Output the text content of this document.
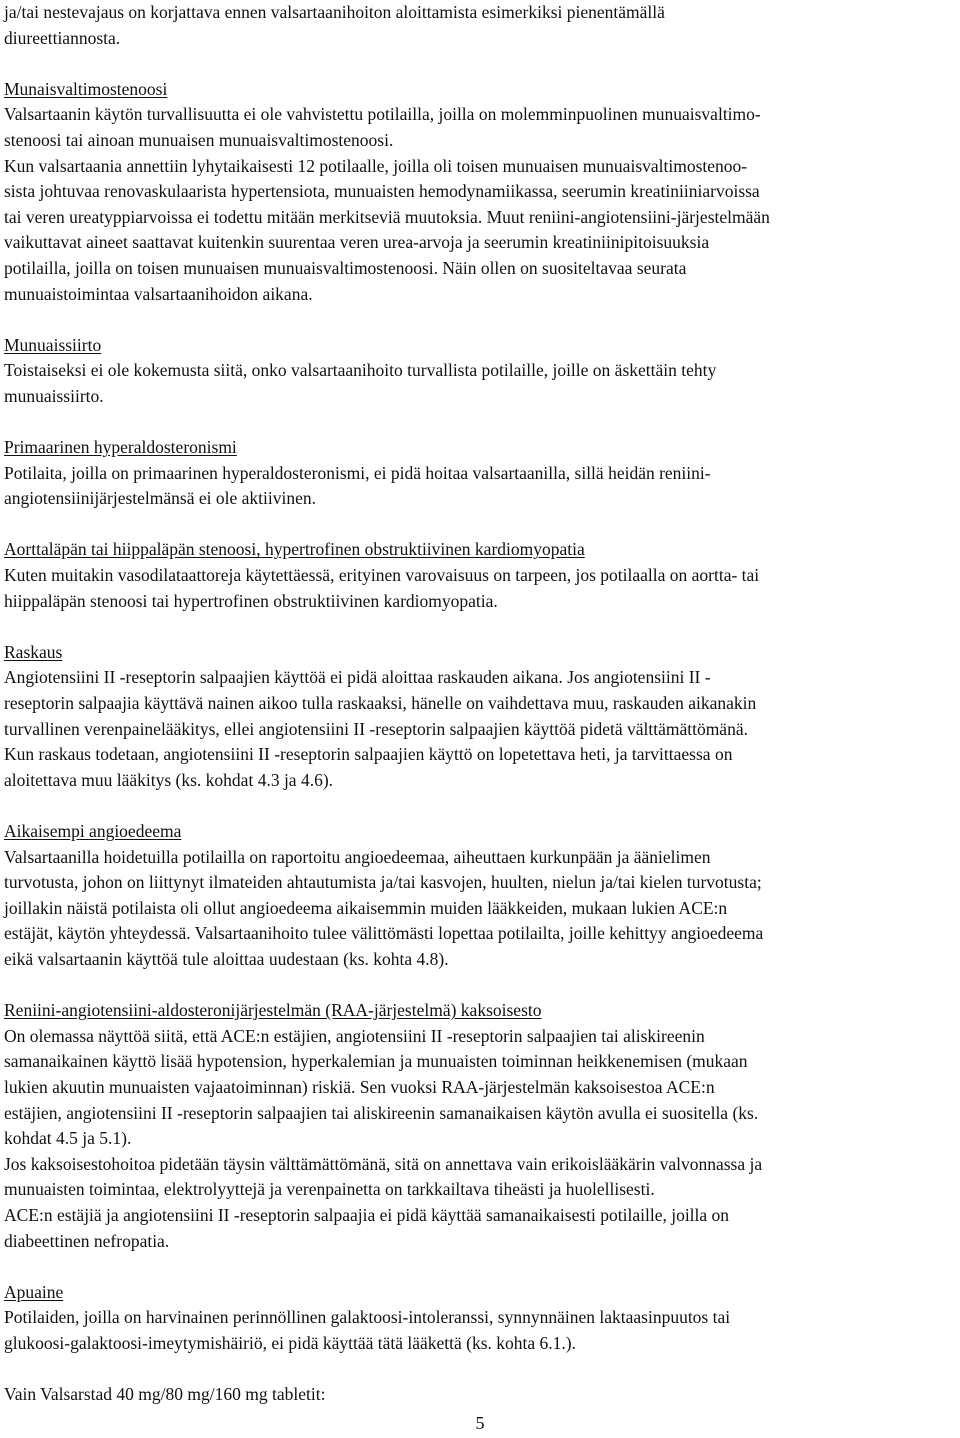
ja/tai nestevajaus on korjattava ennen valsartaanihoiton aloittamista esimerkiksi pienentämällä

diureettiannosta.

Munaisvaltimostenoosi

Valsartaanin käytön turvallisuutta ei ole vahvistettu potilailla, joilla on molemminpuolinen munuaisvaltimo-

stenoosi tai ainoan munuaisen munuaisvaltimostenoosi.

Kun valsartaania annettiin lyhytaikaisesti 12 potilaalle, joilla oli toisen munuaisen munuaisvaltimostenoo-

sista johtuvaa renovaskulaarista hypertensiota, munuaisten hemodynamiikassa, seerumin kreatiniiniarvoissa

tai veren ureatyppiarvoissa ei todettu mitään merkitseviä muutoksia. Muut reniini-angiotensiini-järjestelmään

vaikuttavat aineet saattavat kuitenkin suurentaa veren urea-arvoja ja seerumin kreatiniinipitoisuuksia

potilailla, joilla on toisen munuaisen munuaisvaltimostenoosi. Näin ollen on suositeltavaa seurata

munuaistoimintaa valsartaanihoidon aikana.

Munuaissiirto

Toistaiseksi ei ole kokemusta siitä, onko valsartaanihoito turvallista potilaille, joille on äskettäin tehty

munuaissiirto.

Primaarinen hyperaldosteronismi

Potilaita, joilla on primaarinen hyperaldosteronismi, ei pidä hoitaa valsartaanilla, sillä heidän reniini-

angiotensiinijärjestelmänsä ei ole aktiivinen.

Aorttaläpän tai hiippaläpän stenoosi, hypertrofinen obstruktiivinen kardiomyopatia

Kuten muitakin vasodilataattoreja käytettäessä, erityinen varovaisuus on tarpeen, jos potilaalla on aortta- tai

hiippaläpän stenoosi tai hypertrofinen obstruktiivinen kardiomyopatia.

Raskaus

Angiotensiini II -reseptorin salpaajien käyttöä ei pidä aloittaa raskauden aikana. Jos angiotensiini II -

reseptorin salpaajia käyttävä nainen aikoo tulla raskaaksi, hänelle on vaihdettava muu, raskauden aikanakin

turvallinen verenpainelääkitys, ellei angiotensiini II -reseptorin salpaajien käyttöä pidetä välttämättömänä.

Kun raskaus todetaan, angiotensiini II -reseptorin salpaajien käyttö on lopetettava heti, ja tarvittaessa on

aloitettava muu lääkitys (ks. kohdat 4.3 ja 4.6).

Aikaisempi angioedeema

Valsartaanilla hoidetuilla potilailla on raportoitu angioedeemaa, aiheuttaen kurkunpään ja äänielimen

turvotusta, johon on liittynyt ilmateiden ahtautumista ja/tai kasvojen, huulten, nielun ja/tai kielen turvotusta;

joillakin näistä potilaista oli ollut angioedeema aikaisemmin muiden lääkkeiden, mukaan lukien ACE:n

estäjät, käytön yhteydessä. Valsartaanihoito tulee välittömästi lopettaa potilailta, joille kehittyy angioedeema

eikä valsartaanin käyttöä tule aloittaa uudestaan (ks. kohta 4.8).

Reniini-angiotensiini-aldosteronijärjestelmän (RAA-järjestelmä) kaksoisesto

On olemassa näyttöä siitä, että ACE:n estäjien, angiotensiini II -reseptorin salpaajien tai aliskireenin

samanaikainen käyttö lisää hypotension, hyperkalemian ja munuaisten toiminnan heikkenemisen (mukaan

lukien akuutin munuaisten vajaatoiminnan) riskiä. Sen vuoksi RAA-järjestelmän kaksoisestoa ACE:n

estäjien, angiotensiini II -reseptorin salpaajien tai aliskireenin samanaikaisen käytön avulla ei suositella (ks.

kohdat 4.5 ja 5.1).

Jos kaksoisestohoitoa pidetään täysin välttämättömänä, sitä on annettava vain erikoislääkärin valvonnassa ja

munuaisten toimintaa, elektrolyyttejä ja verenpainetta on tarkkailtava tiheästi ja huolellisesti.

ACE:n estäjiä ja angiotensiini II -reseptorin salpaajia ei pidä käyttää samanaikaisesti potilaille, joilla on

diabeettinen nefropatia.

Apuaine

Potilaiden, joilla on harvinainen perinnöllinen galaktoosi-intoleranssi, synnynnäinen laktaasinpuutos tai

glukoosi-galaktoosi-imeytymishäiriö, ei pidä käyttää tätä lääkettä (ks. kohta 6.1.).

Vain Valsarstad 40 mg/80 mg/160 mg tabletit:

5
